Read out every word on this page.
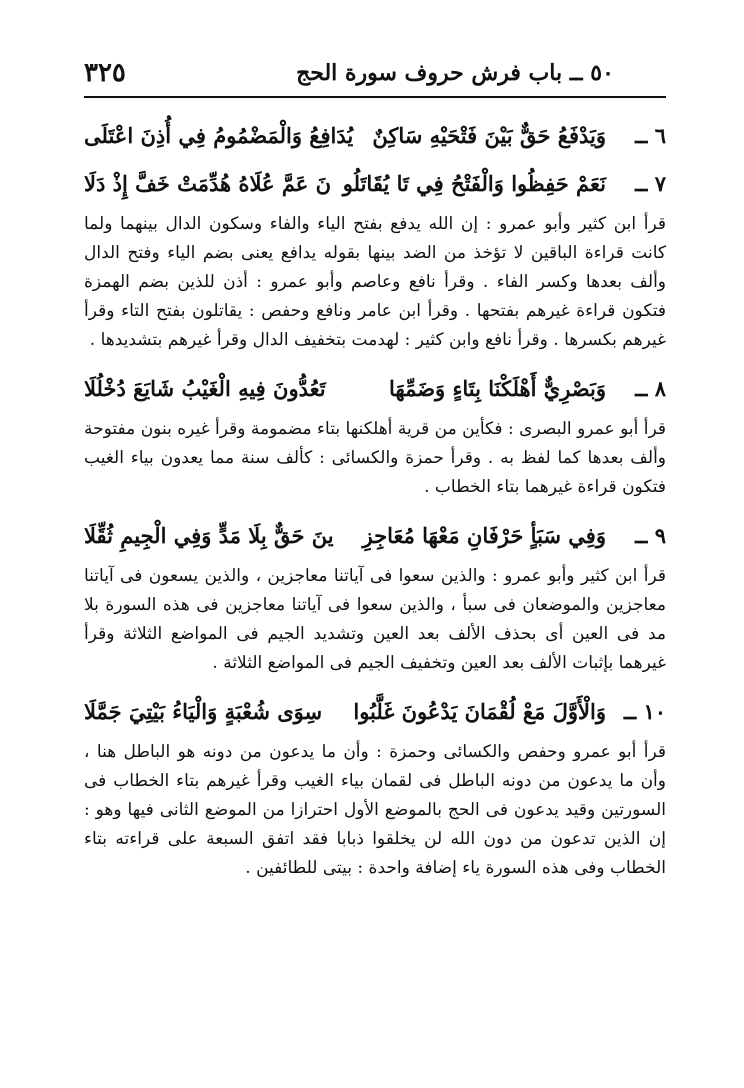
٥٠ ــ باب فرش حروف سورة الحج
٣٢٥
٦ ــ
وَيَدْفَعُ حَقٌّ بَيْنَ فَتْحَيْهِ سَاكِنٌ
يُدَافِعُ وَالْمَضْمُومُ فِي أُذِنَ اعْتَلَى
٧ ــ
نَعَمْ حَفِظُوا وَالْفَتْحُ فِي تَا يُقَاتَلُو
نَ عَمَّ عُلَاهُ هُدِّمَتْ خَفَّ إِذْ دَلَا

قرأ ابن كثير وأبو عمرو : إن الله يدفع بفتح الياء والفاء وسكون الدال بينهما ولما كانت قراءة الباقين لا تؤخذ من الضد بينها بقوله يدافع يعنى بضم الياء وفتح الدال وألف بعدها وكسر الفاء . وقرأ نافع وعاصم وأبو عمرو : أذن للذين بضم الهمزة فتكون قراءة غيرهم بفتحها . وقرأ ابن عامر ونافع وحفص : يقاتلون بفتح التاء وقرأ غيرهم بكسرها . وقرأ نافع وابن كثير : لهدمت بتخفيف الدال وقرأ غيرهم بتشديدها .

٨ ــ
وَبَصْرِيٌّ أَهْلَكْنَا بِتَاءٍ وَضَمِّهَا
تَعُدُّونَ فِيهِ الْغَيْبُ شَايَعَ دُخْلُلَا

قرأ أبو عمرو البصرى : فكأين من قرية أهلكنها بتاء مضمومة وقرأ غيره بنون مفتوحة وألف بعدها كما لفظ به . وقرأ حمزة والكسائى : كألف سنة مما يعدون بياء الغيب فتكون قراءة غيرهما بتاء الخطاب .

٩ ــ
وَفِي سَبَأٍ حَرْفَانِ مَعْهَا مُعَاجِزِ
ينَ حَقٌّ بِلَا مَدٍّ وَفِي الْجِيمِ ثُقِّلَا

قرأ ابن كثير وأبو عمرو : والذين سعوا فى آياتنا معاجزين ، والذين يسعون فى آياتنا معاجزين والموضعان فى سبأ ، والذين سعوا فى آياتنا معاجزين فى هذه السورة بلا مد فى العين أى بحذف الألف بعد العين وتشديد الجيم فى المواضع الثلاثة وقرأ غيرهما بإثبات الألف بعد العين وتخفيف الجيم فى المواضع الثلاثة .

١٠ ــ
وَالْأَوَّلَ مَعْ لُقْمَانَ يَدْعُونَ غَلَّبُوا
سِوَى شُعْبَةٍ وَالْيَاءُ بَيْتِيَ جَمَّلَا

قرأ أبو عمرو وحفص والكسائى وحمزة : وأن ما يدعون من دونه هو الباطل هنا ، وأن ما يدعون من دونه الباطل فى لقمان بياء الغيب وقرأ غيرهم بتاء الخطاب فى السورتين وقيد يدعون فى الحج بالموضع الأول احترازا من الموضع الثانى فيها وهو : إن الذين تدعون من دون الله لن يخلقوا ذبابا فقد اتفق السبعة على قراءته بتاء الخطاب وفى هذه السورة ياء إضافة واحدة : بيتى للطائفين .
